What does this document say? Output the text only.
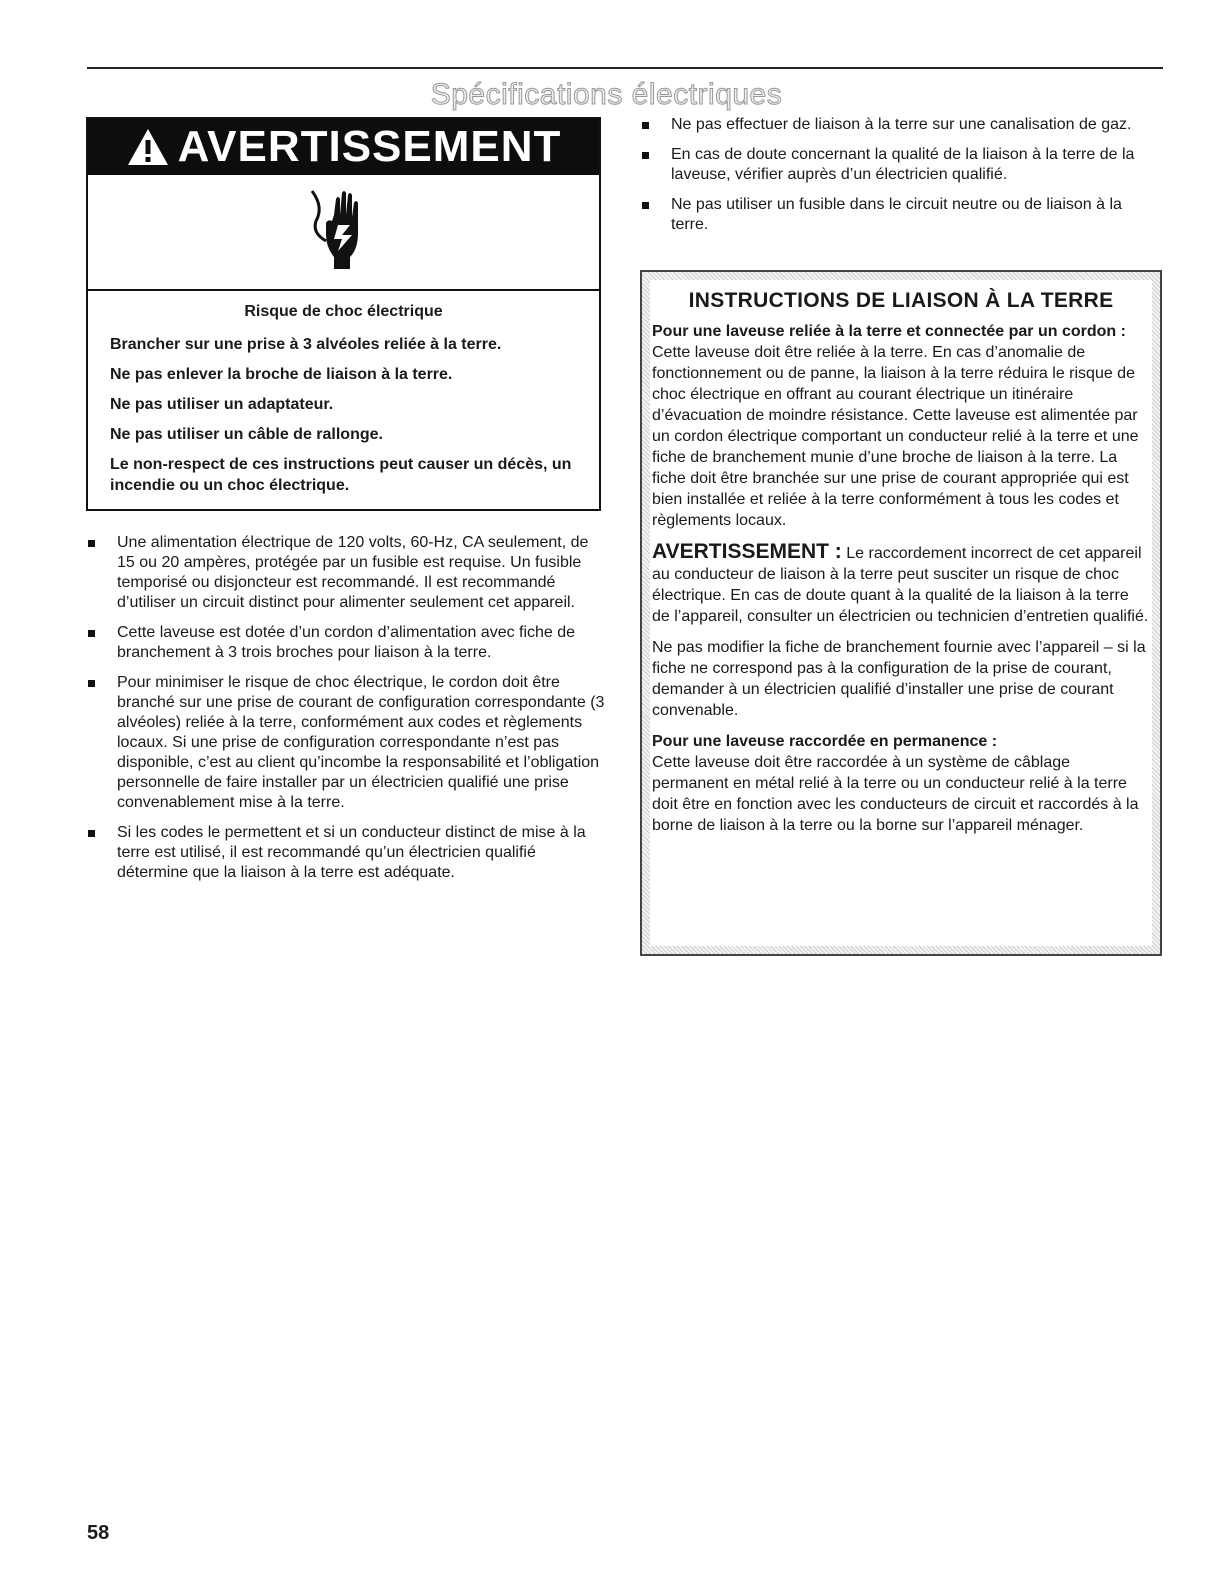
Spécifications électriques
AVERTISSEMENT

Risque de choc électrique

Brancher sur une prise à 3 alvéoles reliée à la terre.

Ne pas enlever la broche de liaison à la terre.

Ne pas utiliser un adaptateur.

Ne pas utiliser un câble de rallonge.

Le non-respect de ces instructions peut causer un décès, un incendie ou un choc électrique.

Une alimentation électrique de 120 volts, 60-Hz, CA seulement, de 15 ou 20 ampères, protégée par un fusible est requise. Un fusible temporisé ou disjoncteur est recommandé. Il est recommandé d’utiliser un circuit distinct pour alimenter seulement cet appareil.
Cette laveuse est dotée d’un cordon d’alimentation avec fiche de branchement à 3 trois broches pour liaison à la terre.
Pour minimiser le risque de choc électrique, le cordon doit être branché sur une prise de courant de configuration correspondante (3 alvéoles) reliée à la terre, conformément aux codes et règlements locaux. Si une prise de configuration correspondante n’est pas disponible, c’est au client qu’incombe la responsabilité et l’obligation personnelle de faire installer par un électricien qualifié une prise convenablement mise à la terre.
Si les codes le permettent et si un conducteur distinct de mise à la terre est utilisé, il est recommandé qu’un électricien qualifié détermine que la liaison à la terre est adéquate.
Ne pas effectuer de liaison à la terre sur une canalisation de gaz.
En cas de doute concernant la qualité de la liaison à la terre de la laveuse, vérifier auprès d’un électricien qualifié.
Ne pas utiliser un fusible dans le circuit neutre ou de liaison à la terre.
INSTRUCTIONS DE LIAISON À LA TERRE

Pour une laveuse reliée à la terre et connectée par un cordon :

Cette laveuse doit être reliée à la terre. En cas d’anomalie de fonctionnement ou de panne, la liaison à la terre réduira le risque de choc électrique en offrant au courant électrique un itinéraire d’évacuation de moindre résistance. Cette laveuse est alimentée par un cordon électrique comportant un conducteur relié à la terre et une fiche de branchement munie d’une broche de liaison à la terre. La fiche doit être branchée sur une prise de courant appropriée qui est bien installée et reliée à la terre conformément à tous les codes et règlements locaux.

AVERTISSEMENT : Le raccordement incorrect de cet appareil au conducteur de liaison à la terre peut susciter un risque de choc électrique. En cas de doute quant à la qualité de la liaison à la terre de l’appareil, consulter un électricien ou technicien d’entretien qualifié.

Ne pas modifier la fiche de branchement fournie avec l’appareil – si la fiche ne correspond pas à la configuration de la prise de courant, demander à un électricien qualifié d’installer une prise de courant convenable.

Pour une laveuse raccordée en permanence :

Cette laveuse doit être raccordée à un système de câblage permanent en métal relié à la terre ou un conducteur relié à la terre doit être en fonction avec les conducteurs de circuit et raccordés à la borne de liaison à la terre ou la borne sur l’appareil ménager.

58
